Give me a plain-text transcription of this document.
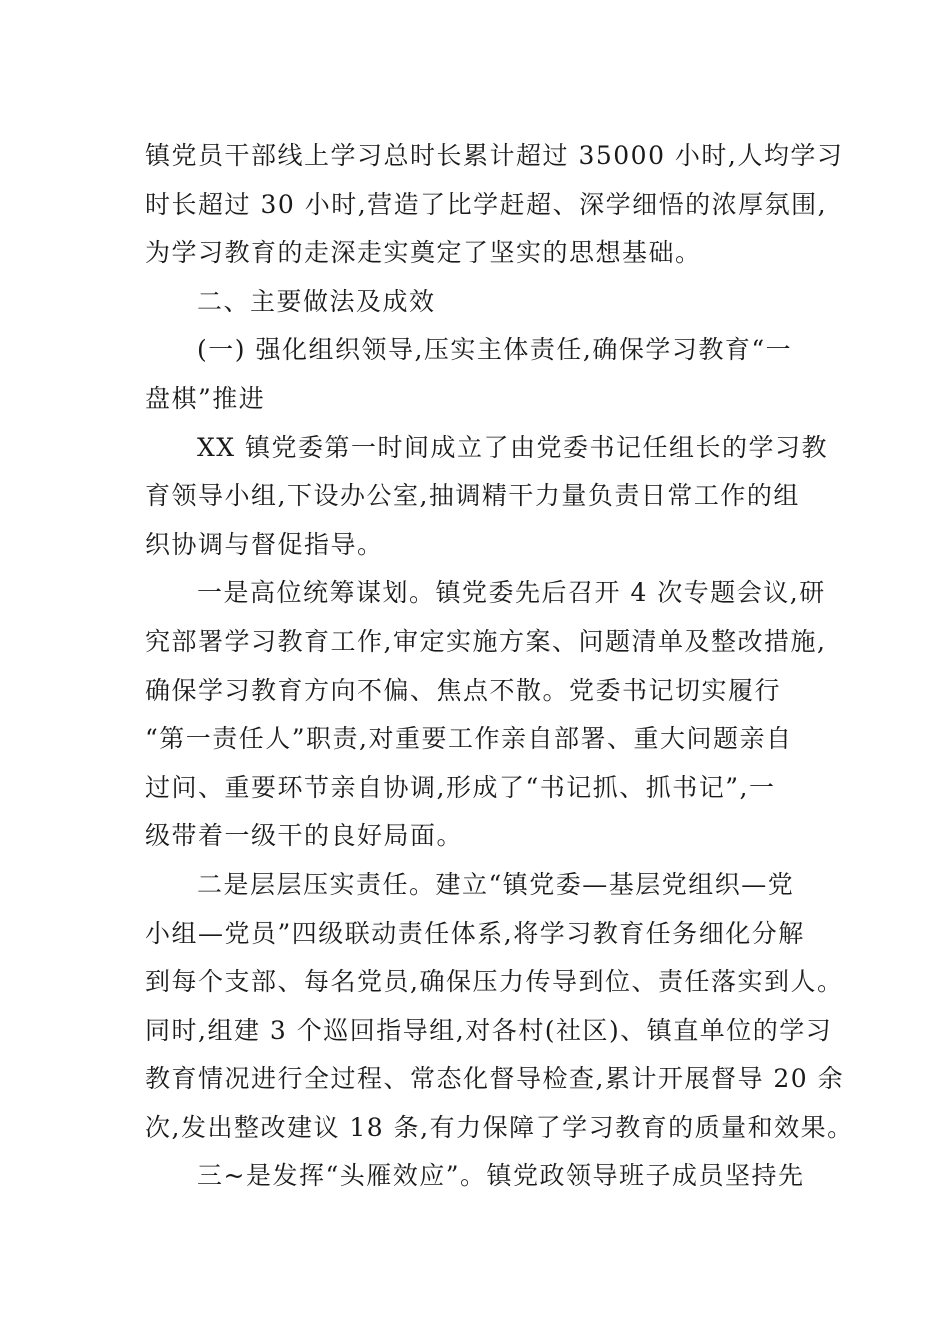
镇党员干部线上学习总时长累计超过 35000 小时,人均学习
时长超过 30 小时,营造了比学赶超、深学细悟的浓厚氛围,
为学习教育的走深走实奠定了坚实的思想基础。
二、主要做法及成效
(一) 强化组织领导,压实主体责任,确保学习教育“一
盘棋”推进
XX 镇党委第一时间成立了由党委书记任组长的学习教
育领导小组,下设办公室,抽调精干力量负责日常工作的组
织协调与督促指导。
一是高位统筹谋划。镇党委先后召开 4 次专题会议,研
究部署学习教育工作,审定实施方案、问题清单及整改措施,
确保学习教育方向不偏、焦点不散。党委书记切实履行
“第一责任人”职责,对重要工作亲自部署、重大问题亲自
过问、重要环节亲自协调,形成了“书记抓、抓书记”,一
级带着一级干的良好局面。
二是层层压实责任。建立“镇党委—基层党组织—党
小组—党员”四级联动责任体系,将学习教育任务细化分解
到每个支部、每名党员,确保压力传导到位、责任落实到人。
同时,组建 3 个巡回指导组,对各村(社区)、镇直单位的学习
教育情况进行全过程、常态化督导检查,累计开展督导 20 余
次,发出整改建议 18 条,有力保障了学习教育的质量和效果。
三~是发挥“头雁效应”。镇党政领导班子成员坚持先
